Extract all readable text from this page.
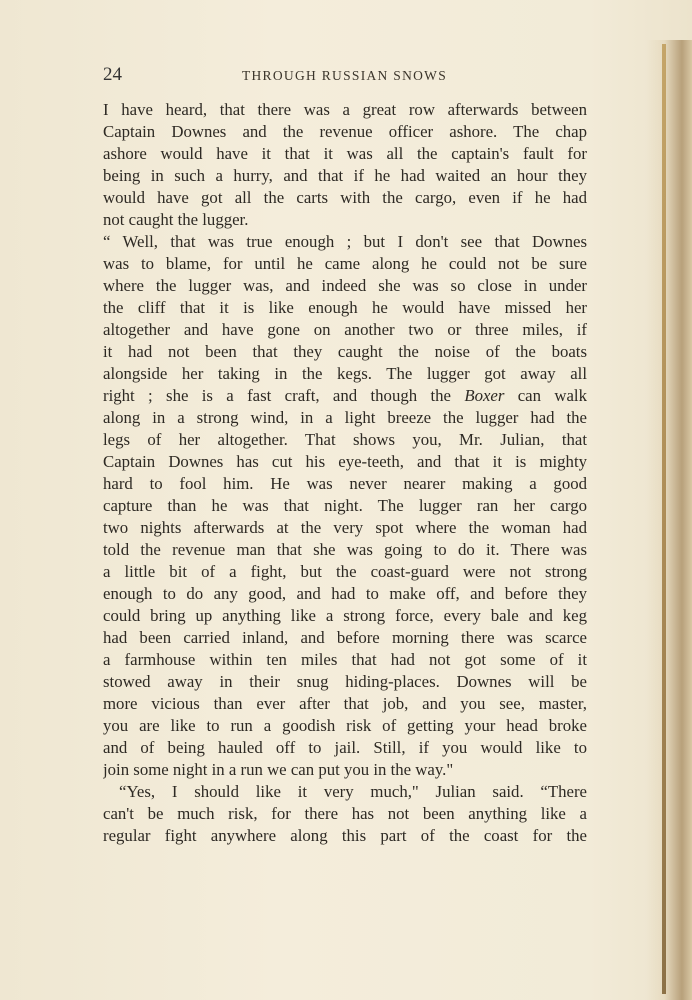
24	THROUGH RUSSIAN SNOWS
I have heard, that there was a great row afterwards between
Captain Downes and the revenue officer ashore. The chap
ashore would have it that it was all the captain's fault for
being in such a hurry, and that if he had waited an hour they
would have got all the carts with the cargo, even if he had
not caught the lugger.
“ Well, that was true enough ; but I don't see that Downes
was to blame, for until he came along he could not be sure
where the lugger was, and indeed she was so close in under
the cliff that it is like enough he would have missed her
altogether and have gone on another two or three miles, if
it had not been that they caught the noise of the boats
alongside her taking in the kegs. The lugger got away all
right ; she is a fast craft, and though the Boxer can walk
along in a strong wind, in a light breeze the lugger had the
legs of her altogether. That shows you, Mr. Julian, that
Captain Downes has cut his eye-teeth, and that it is mighty
hard to fool him. He was never nearer making a good
capture than he was that night. The lugger ran her cargo
two nights afterwards at the very spot where the woman had
told the revenue man that she was going to do it. There was
a little bit of a fight, but the coast-guard were not strong
enough to do any good, and had to make off, and before they
could bring up anything like a strong force, every bale and keg
had been carried inland, and before morning there was scarce
a farmhouse within ten miles that had not got some of it
stowed away in their snug hiding-places. Downes will be
more vicious than ever after that job, and you see, master,
you are like to run a goodish risk of getting your head broke
and of being hauled off to jail. Still, if you would like to
join some night in a run we can put you in the way."
“Yes, I should like it very much," Julian said. “There
can't be much risk, for there has not been anything like a
regular fight anywhere along this part of the coast for the
